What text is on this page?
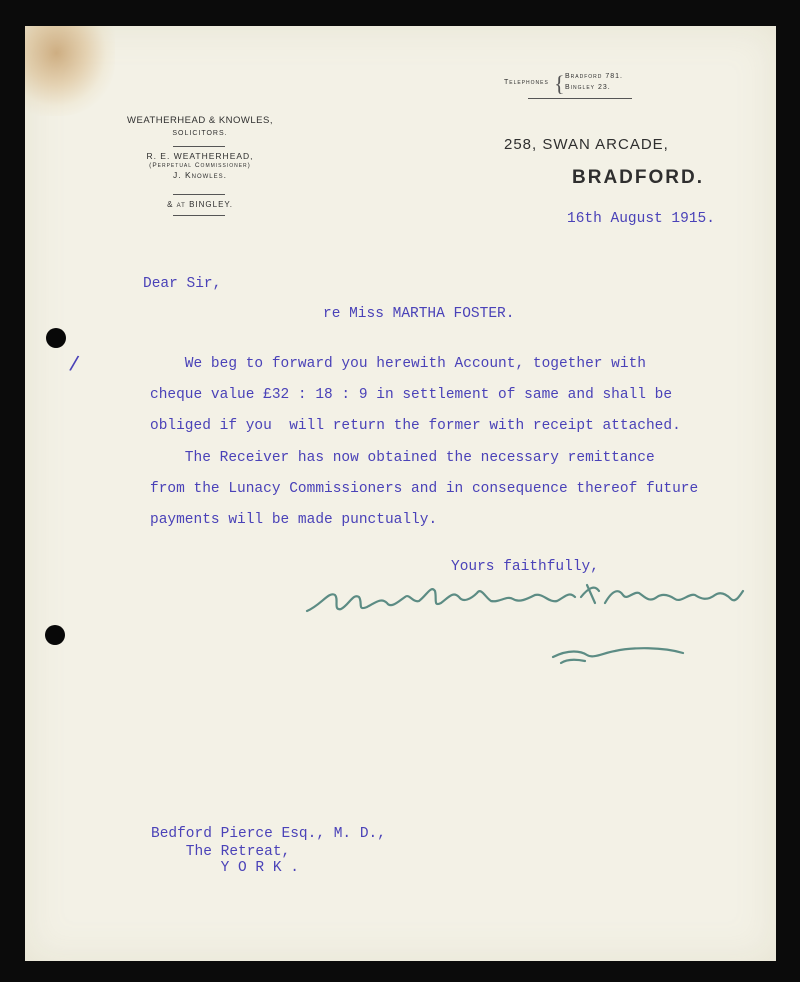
Telephones { Bradford 781.
Bingley 23.
WEATHERHEAD & KNOWLES,
SOLICITORS.
R. E. WEATHERHEAD,
(Perpetual Commissioner)
J. Knowles.
& at BINGLEY.
258, SWAN ARCADE,
BRADFORD.
16th August 1915.
/
Dear Sir,
re Miss MARTHA FOSTER.
We beg to forward you herewith Account, together with
cheque value £32 : 18 : 9 in settlement of same and shall be
obliged if you  will return the former with receipt attached.
The Receiver has now obtained the necessary remittance
from the Lunacy Commissioners and in consequence thereof future
payments will be made punctually.
Yours faithfully,
Bedford Pierce Esq., M. D.,
The Retreat,
Y O R K .
